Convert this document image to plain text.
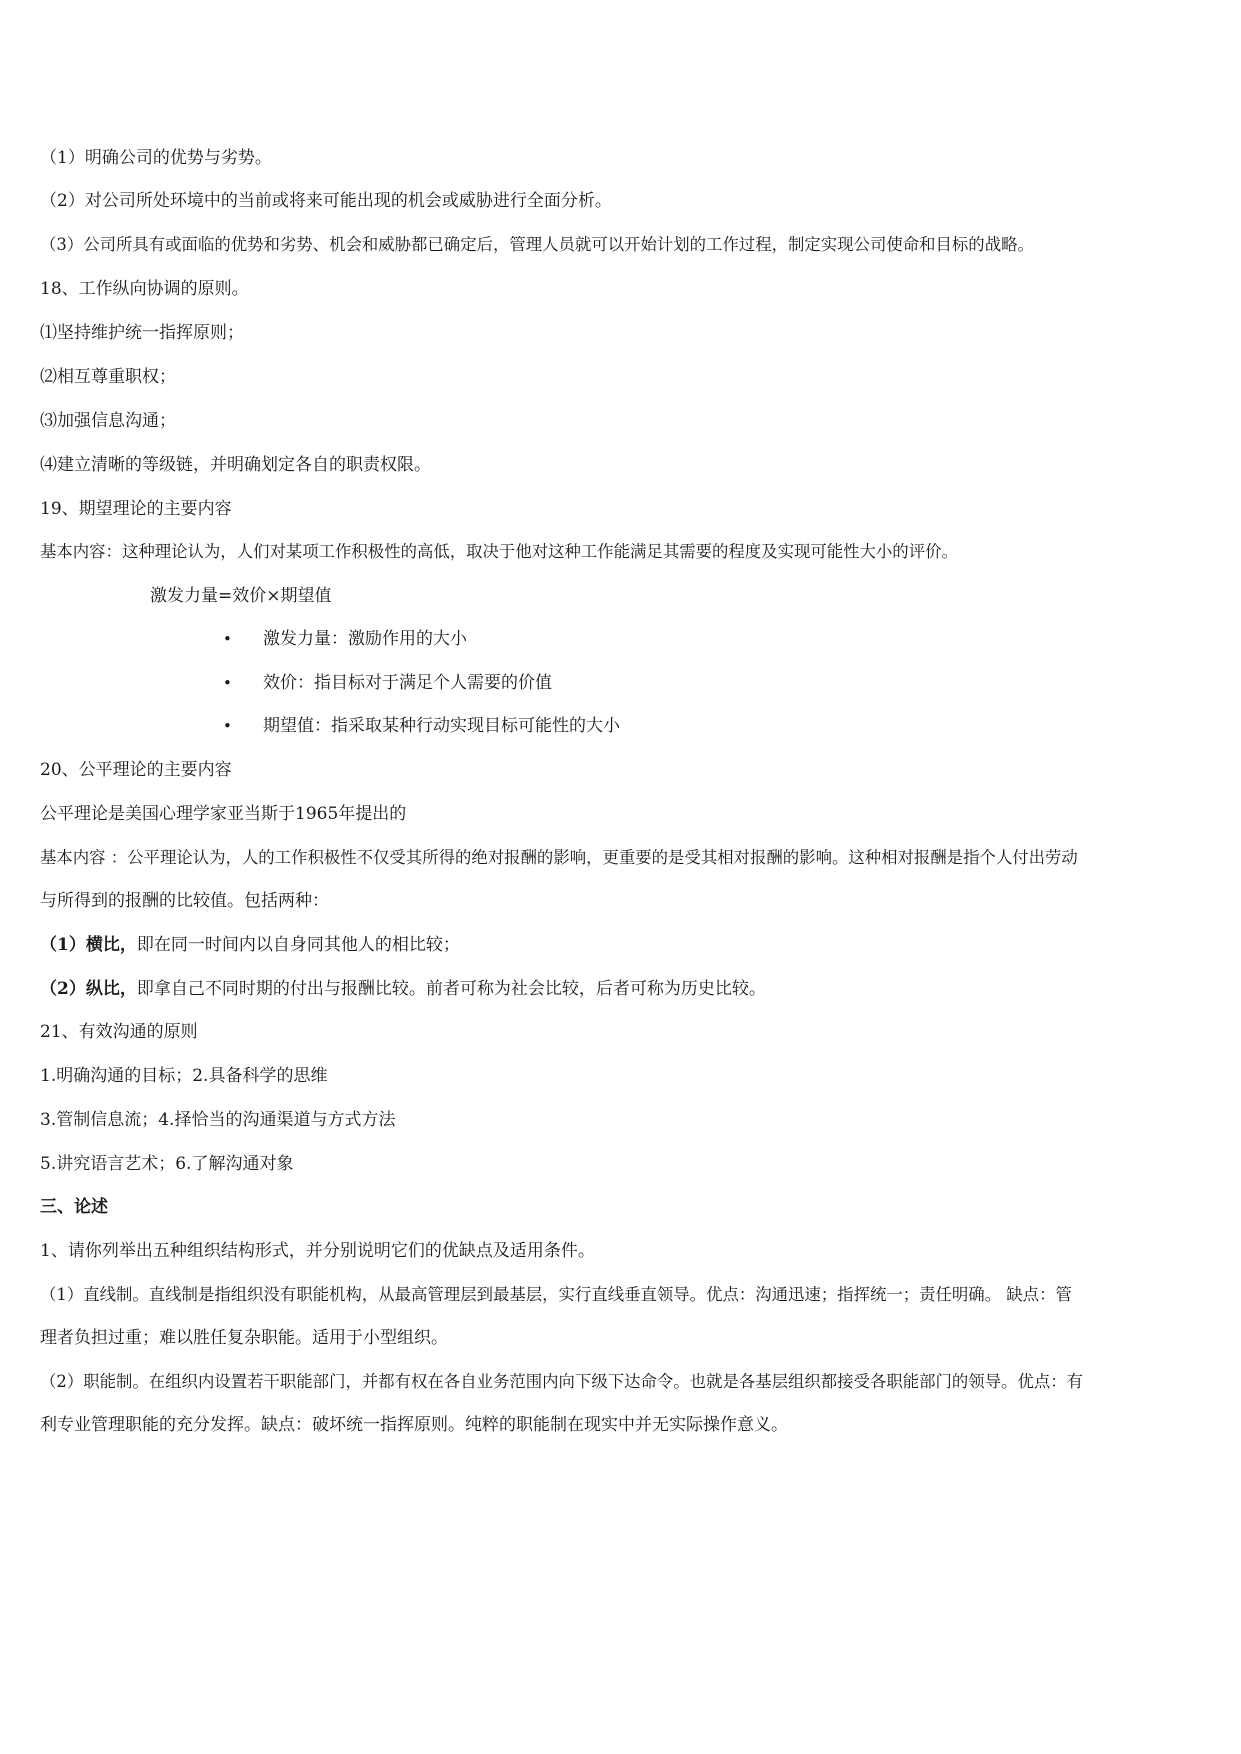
（1）明确公司的优势与劣势。
（2）对公司所处环境中的当前或将来可能出现的机会或威胁进行全面分析。
（3）公司所具有或面临的优势和劣势、机会和威胁都已确定后，管理人员就可以开始计划的工作过程，制定实现公司使命和目标的战略。
18、工作纵向协调的原则。
⑴坚持维护统一指挥原则；
⑵相互尊重职权；
⑶加强信息沟通；
⑷建立清晰的等级链，并明确划定各自的职责权限。
19、期望理论的主要内容
基本内容：这种理论认为，人们对某项工作积极性的高低，取决于他对这种工作能满足其需要的程度及实现可能性大小的评价。
激发力量=效价×期望值
• 激发力量：激励作用的大小
• 效价：指目标对于满足个人需要的价值
• 期望值：指采取某种行动实现目标可能性的大小
20、公平理论的主要内容
公平理论是美国心理学家亚当斯于1965年提出的
基本内容 ：公平理论认为，人的工作积极性不仅受其所得的绝对报酬的影响，更重要的是受其相对报酬的影响。这种相对报酬是指个人付出劳动
与所得到的报酬的比较值。包括两种：
（1）横比，即在同一时间内以自身同其他人的相比较；
（2）纵比，即拿自己不同时期的付出与报酬比较。前者可称为社会比较，后者可称为历史比较。
21、有效沟通的原则
1.明确沟通的目标；2.具备科学的思维
3.管制信息流；4.择恰当的沟通渠道与方式方法
5.讲究语言艺术；6.了解沟通对象
三、论述
1、请你列举出五种组织结构形式，并分别说明它们的优缺点及适用条件。
（1）直线制。直线制是指组织没有职能机构，从最高管理层到最基层，实行直线垂直领导。优点：沟通迅速；指挥统一；责任明确。 缺点：管
理者负担过重；难以胜任复杂职能。适用于小型组织。
（2）职能制。在组织内设置若干职能部门，并都有权在各自业务范围内向下级下达命令。也就是各基层组织都接受各职能部门的领导。优点：有
利专业管理职能的充分发挥。缺点：破坏统一指挥原则。纯粹的职能制在现实中并无实际操作意义。
